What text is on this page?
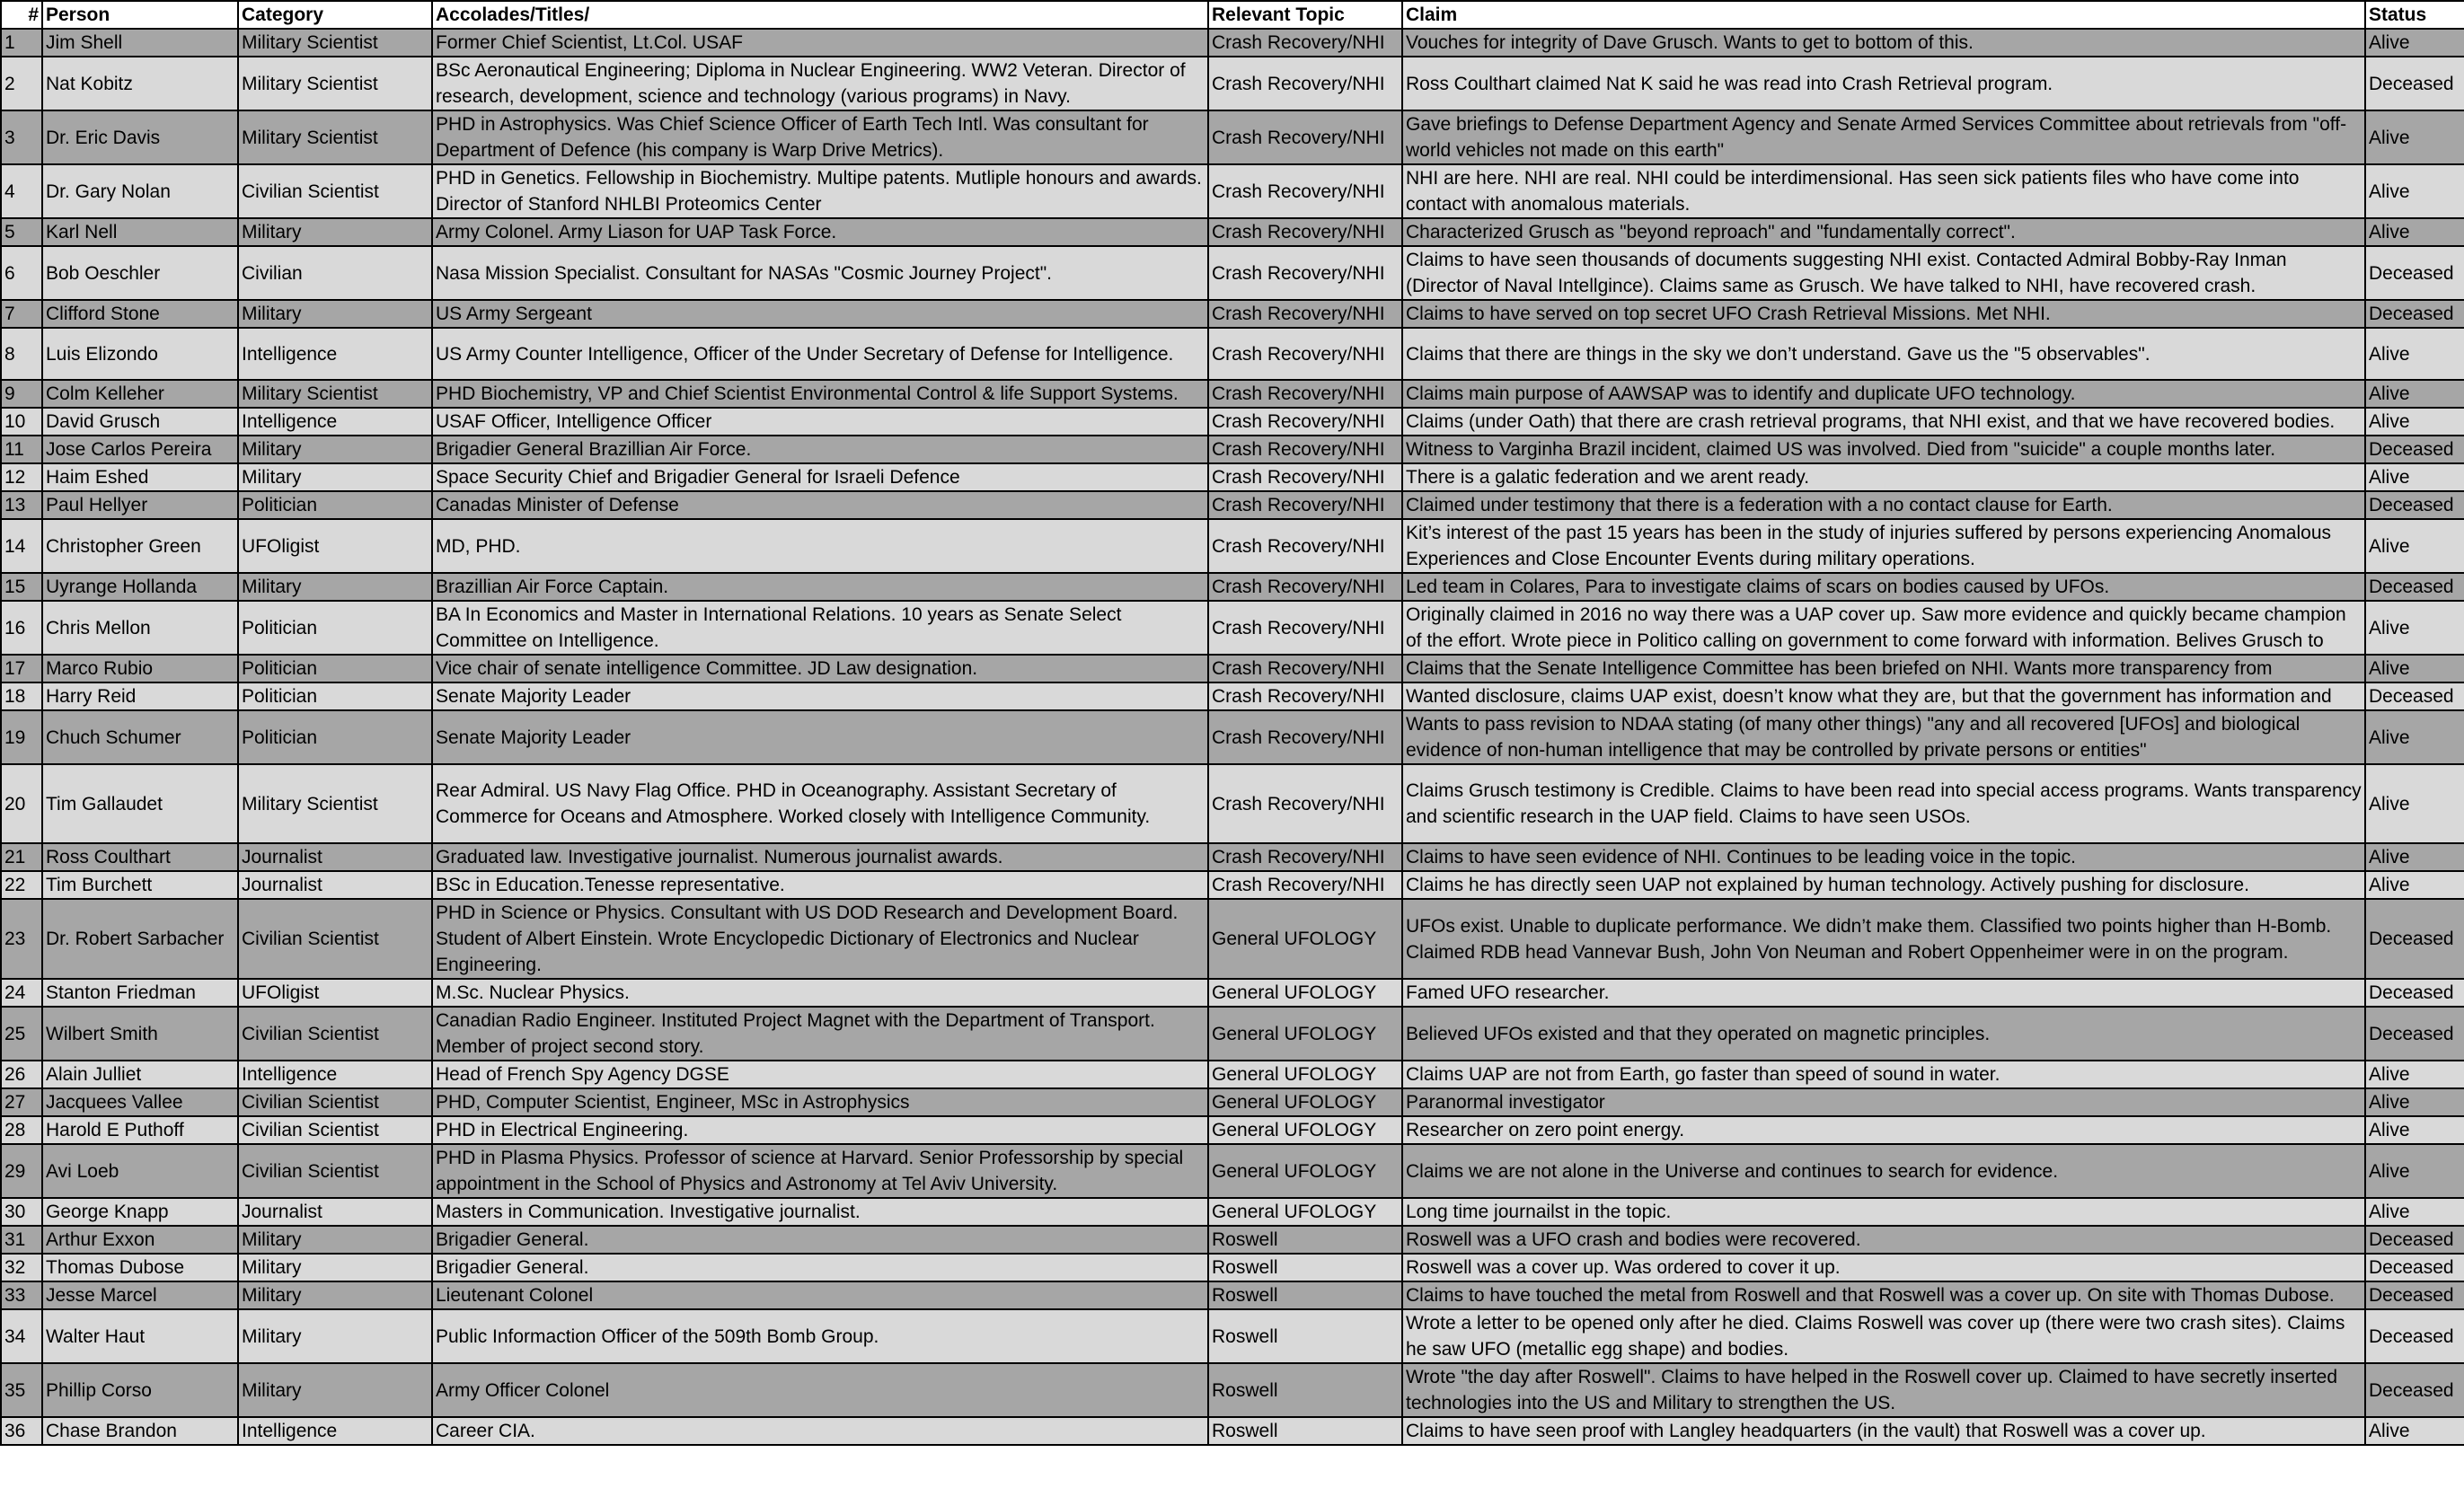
#	Person	Category	Accolades/Titles/	Relevant Topic	Claim	Status

1	Jim Shell	Military Scientist	Former Chief Scientist, Lt.Col. USAF	Crash Recovery/NHI	Vouches for integrity of Dave Grusch. Wants to get to bottom of this.	Alive

2	Nat Kobitz	Military Scientist	BSc Aeronautical Engineering; Diploma in Nuclear Engineering. WW2 Veteran. Director of research, development, science and technology (various programs) in Navy.	Crash Recovery/NHI	Ross Coulthart claimed Nat K said he was read into Crash Retrieval program.	Deceased

3	Dr. Eric Davis	Military Scientist	PHD in Astrophysics. Was Chief Science Officer of Earth Tech Intl. Was consultant for Department of Defence (his company is Warp Drive Metrics).	Crash Recovery/NHI	Gave briefings to Defense Department Agency and Senate Armed Services Committee about retrievals from "off-world vehicles not made on this earth"	Alive

4	Dr. Gary Nolan	Civilian Scientist	PHD in Genetics. Fellowship in Biochemistry. Multipe patents. Mutliple honours and awards. Director of Stanford NHLBI Proteomics Center	Crash Recovery/NHI	NHI are here. NHI are real. NHI could be interdimensional. Has seen sick patients files who have come into contact with anomalous materials.	Alive

5	Karl Nell	Military	Army Colonel. Army Liason for UAP Task Force.	Crash Recovery/NHI	Characterized Grusch as "beyond reproach" and "fundamentally correct".	Alive

6	Bob Oeschler	Civilian	Nasa Mission Specialist. Consultant for NASAs "Cosmic Journey Project".	Crash Recovery/NHI	Claims to have seen thousands of documents suggesting NHI exist. Contacted Admiral Bobby-Ray Inman (Director of Naval Intellgince). Claims same as Grusch. We have talked to NHI, have recovered crash.	Deceased

7	Clifford Stone	Military	US Army Sergeant	Crash Recovery/NHI	Claims to have served on top secret UFO Crash Retrieval Missions. Met NHI.	Deceased

8	Luis Elizondo	Intelligence	US Army Counter Intelligence, Officer of the Under Secretary of Defense for Intelligence.	Crash Recovery/NHI	Claims that there are things in the sky we don’t understand. Gave us the "5 observables".	Alive

9	Colm Kelleher	Military Scientist	PHD Biochemistry, VP and Chief Scientist Environmental Control & life Support Systems.	Crash Recovery/NHI	Claims main purpose of AAWSAP was to identify and duplicate UFO technology.	Alive

10	David Grusch	Intelligence	USAF Officer, Intelligence Officer	Crash Recovery/NHI	Claims (under Oath) that there are crash retrieval programs, that NHI exist, and that we have recovered bodies.	Alive

11	Jose Carlos Pereira	Military	Brigadier General Brazillian Air Force.	Crash Recovery/NHI	Witness to Varginha Brazil incident, claimed US was involved. Died from "suicide" a couple months later.	Deceased

12	Haim Eshed	Military	Space Security Chief and Brigadier General for Israeli Defence	Crash Recovery/NHI	There is a galatic federation and we arent ready.	Alive

13	Paul Hellyer	Politician	Canadas Minister of Defense	Crash Recovery/NHI	Claimed under testimony that there is a federation with a no contact clause for Earth.	Deceased

14	Christopher Green	UFOligist	MD, PHD.	Crash Recovery/NHI	Kit’s interest of the past 15 years has been in the study of injuries suffered by persons experiencing Anomalous Experiences and Close Encounter Events during military operations.	Alive

15	Uyrange Hollanda	Military	Brazillian Air Force Captain.	Crash Recovery/NHI	Led team in Colares, Para to investigate claims of scars on bodies caused by UFOs.	Deceased

16	Chris Mellon	Politician	BA In Economics and Master in International Relations. 10 years as Senate Select Committee on Intelligence.	Crash Recovery/NHI	Originally claimed in 2016 no way there was a UAP cover up. Saw more evidence and quickly became champion of the effort. Wrote piece in Politico calling on government to come forward with information. Belives Grusch to	Alive

17	Marco Rubio	Politician	Vice chair of senate intelligence Committee. JD Law designation.	Crash Recovery/NHI	Claims that the Senate Intelligence Committee has been briefed on NHI. Wants more transparency from	Alive

18	Harry Reid	Politician	Senate Majority Leader	Crash Recovery/NHI	Wanted disclosure, claims UAP exist, doesn’t know what they are, but that the government has information and	Deceased

19	Chuch Schumer	Politician	Senate Majority Leader	Crash Recovery/NHI	Wants to pass revision to NDAA stating (of many other things) "any and all recovered [UFOs] and biological evidence of non-human intelligence that may be controlled by private persons or entities"	Alive

20	Tim Gallaudet	Military Scientist	Rear Admiral. US Navy Flag Office. PHD in Oceanography. Assistant Secretary of Commerce for Oceans and Atmosphere. Worked closely with Intelligence Community.	Crash Recovery/NHI	Claims Grusch testimony is Credible. Claims to have been read into special access programs. Wants transparency and scientific research in the UAP field. Claims to have seen USOs.	Alive

21	Ross Coulthart	Journalist	Graduated law. Investigative journalist. Numerous journalist awards.	Crash Recovery/NHI	Claims to have seen evidence of NHI. Continues to be leading voice in the topic.	Alive

22	Tim Burchett	Journalist	BSc in Education.Tenesse representative.	Crash Recovery/NHI	Claims he has directly seen UAP not explained by human technology. Actively pushing for disclosure.	Alive

23	Dr. Robert Sarbacher	Civilian Scientist	PHD in Science or Physics. Consultant with US DOD Research and Development Board. Student of Albert Einstein. Wrote Encyclopedic Dictionary of Electronics and Nuclear Engineering.	General UFOLOGY	UFOs exist. Unable to duplicate performance. We didn’t make them. Classified two points higher than H-Bomb. Claimed RDB head Vannevar Bush, John Von Neuman and Robert Oppenheimer were in on the program.	Deceased

24	Stanton Friedman	UFOligist	M.Sc. Nuclear Physics.	General UFOLOGY	Famed UFO researcher.	Deceased

25	Wilbert Smith	Civilian Scientist	Canadian Radio Engineer. Instituted Project Magnet with the Department of Transport. Member of project second story.	General UFOLOGY	Believed UFOs existed and that they operated on magnetic principles.	Deceased

26	Alain Julliet	Intelligence	Head of French Spy Agency DGSE	General UFOLOGY	Claims UAP are not from Earth, go faster than speed of sound in water.	Alive

27	Jacquees Vallee	Civilian Scientist	PHD, Computer Scientist, Engineer, MSc in Astrophysics	General UFOLOGY	Paranormal investigator	Alive

28	Harold E Puthoff	Civilian Scientist	PHD in Electrical Engineering.	General UFOLOGY	Researcher on zero point energy.	Alive

29	Avi Loeb	Civilian Scientist	PHD in Plasma Physics. Professor of science at Harvard. Senior Professorship by special appointment in the School of Physics and Astronomy at Tel Aviv University.	General UFOLOGY	Claims we are not alone in the Universe and continues to search for evidence.	Alive

30	George Knapp	Journalist	Masters in Communication. Investigative journalist.	General UFOLOGY	Long time journailst in the topic.	Alive

31	Arthur Exxon	Military	Brigadier General.	Roswell	Roswell was a UFO crash and bodies were recovered.	Deceased

32	Thomas Dubose	Military	Brigadier General.	Roswell	Roswell was a cover up. Was ordered to cover it up.	Deceased

33	Jesse Marcel	Military	Lieutenant Colonel	Roswell	Claims to have touched the metal from Roswell and that Roswell was a cover up. On site with Thomas Dubose.	Deceased

34	Walter Haut	Military	Public Informaction Officer of the 509th Bomb Group.	Roswell	Wrote a letter to be opened only after he died. Claims Roswell was cover up (there were two crash sites). Claims he saw UFO (metallic egg shape) and bodies.	Deceased

35	Phillip Corso	Military	Army Officer Colonel	Roswell	Wrote "the day after Roswell". Claims to have helped in the Roswell cover up. Claimed to have secretly inserted technologies into the US and Military to strengthen the US.	Deceased

36	Chase Brandon	Intelligence	Career CIA.	Roswell	Claims to have seen proof with Langley headquarters (in the vault) that Roswell was a cover up.	Alive
